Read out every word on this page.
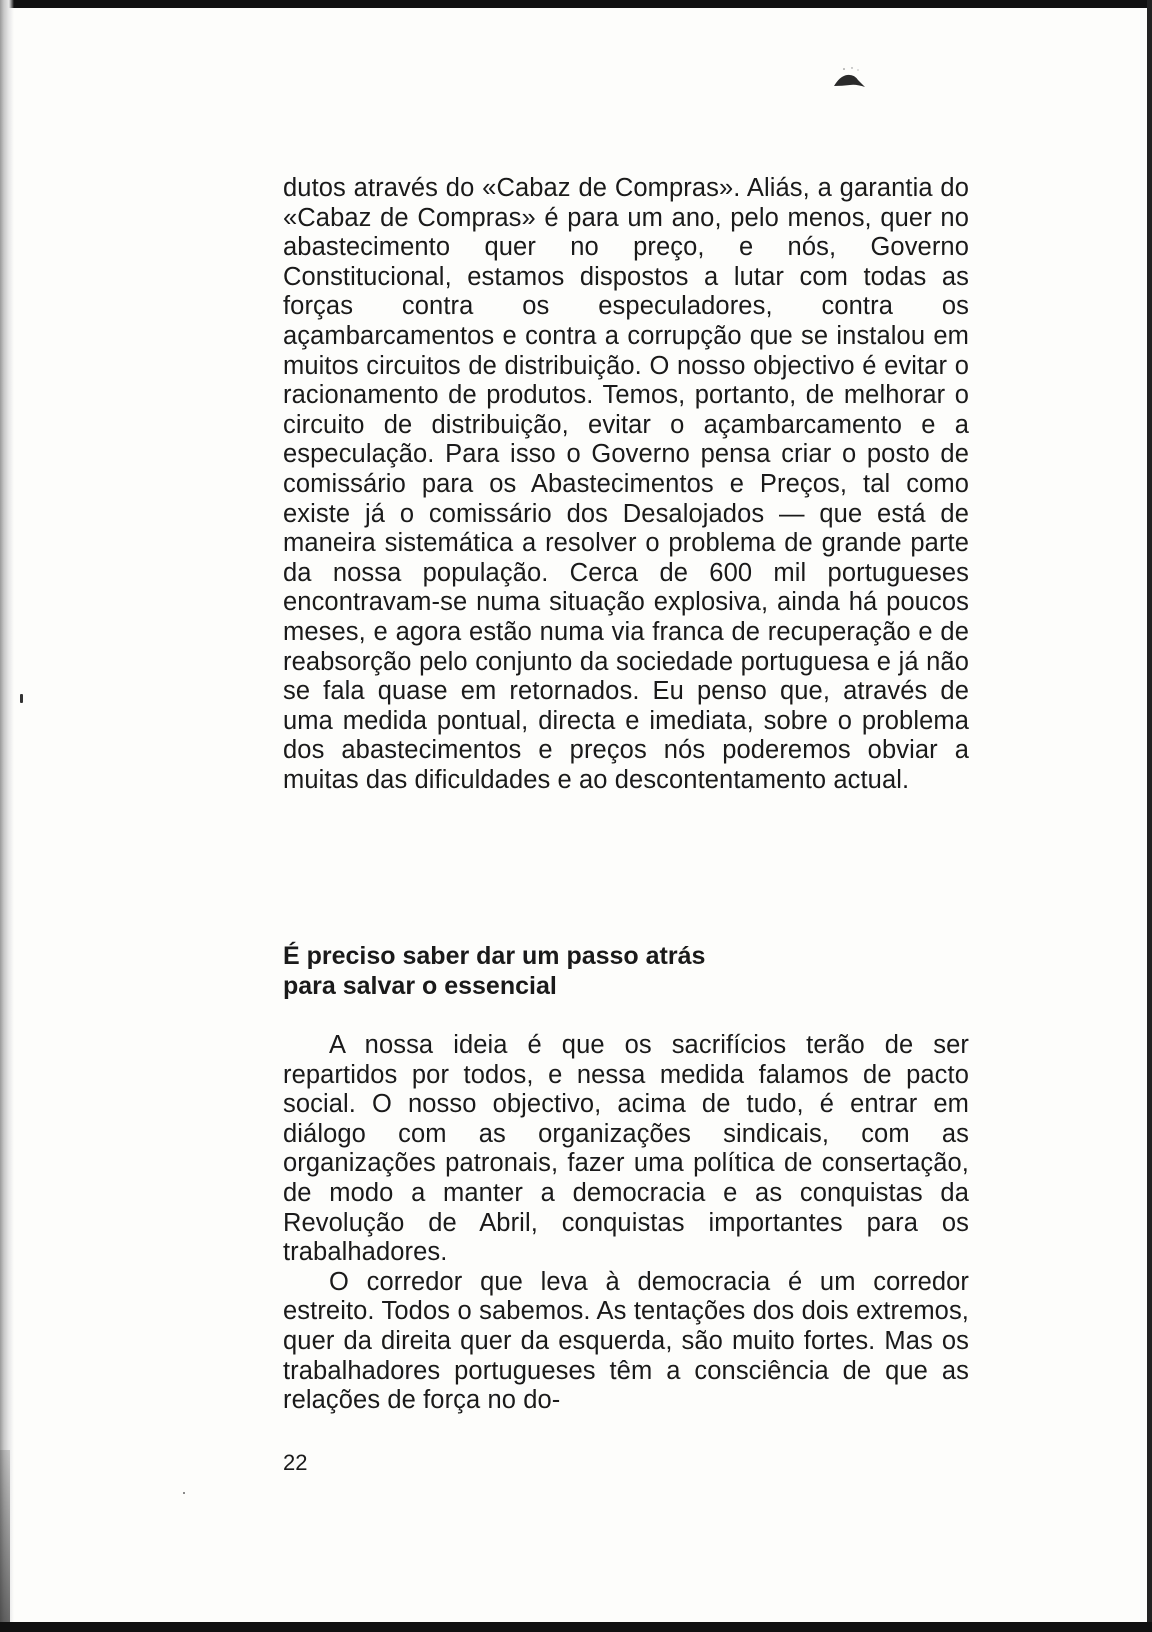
dutos através do «Cabaz de Compras». Aliás, a garantia do «Cabaz de Compras» é para um ano, pelo menos, quer no abastecimento quer no preço, e nós, Governo Constitucional, estamos dispostos a lutar com todas as forças contra os especuladores, contra os açambarcamentos e contra a corrupção que se instalou em muitos circuitos de distribuição. O nosso objectivo é evitar o racionamento de produtos. Temos, portanto, de melhorar o circuito de distribuição, evitar o açambarcamento e a especulação. Para isso o Governo pensa criar o posto de comissário para os Abastecimentos e Preços, tal como existe já o comissário dos Desalojados — que está de maneira sistemática a resolver o problema de grande parte da nossa população. Cerca de 600 mil portugueses encontravam-se numa situação explosiva, ainda há poucos meses, e agora estão numa via franca de recuperação e de reabsorção pelo conjunto da sociedade portuguesa e já não se fala quase em retornados. Eu penso que, através de uma medida pontual, directa e imediata, sobre o problema dos abastecimentos e preços nós poderemos obviar a muitas das dificuldades e ao descontentamento actual.

É preciso saber dar um passo atrás
para salvar o essencial

A nossa ideia é que os sacrifícios terão de ser repartidos por todos, e nessa medida falamos de pacto social. O nosso objectivo, acima de tudo, é entrar em diálogo com as organizações sindicais, com as organizações patronais, fazer uma política de consertação, de modo a manter a democracia e as conquistas da Revolução de Abril, conquistas importantes para os trabalhadores.

O corredor que leva à democracia é um corredor estreito. Todos o sabemos. As tentações dos dois extremos, quer da direita quer da esquerda, são muito fortes. Mas os trabalhadores portugueses têm a consciência de que as relações de força no do-

22
